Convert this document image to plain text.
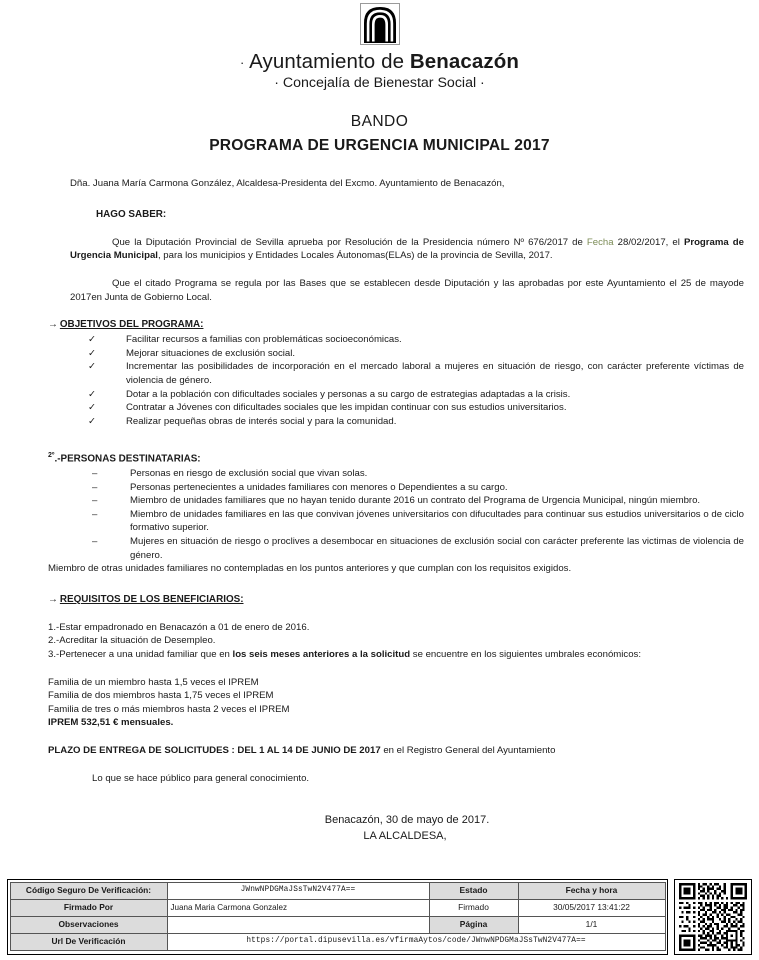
· Ayuntamiento de Benacazón
· Concejalía de Bienestar Social ·
BANDO
PROGRAMA DE URGENCIA MUNICIPAL 2017

Dña. Juana María Carmona González, Alcaldesa-Presidenta del Excmo. Ayuntamiento de Benacazón,

HAGO SABER:

Que la Diputación Provincial de Sevilla aprueba por Resolución de la Presidencia número Nº 676/2017 de Fecha 28/02/2017, el Programa de Urgencia Municipal, para los municipios y Entidades Locales Áutonomas(ELAs) de la provincia de Sevilla, 2017.

Que el citado Programa se regula por las Bases que se establecen desde Diputación y las aprobadas por este Ayuntamiento el 25 de mayode 2017en Junta de Gobierno Local.

→ OBJETIVOS DEL PROGRAMA:

✓	Facilitar recursos a familias con problemáticas socioeconómicas.
✓	Mejorar situaciones de exclusión social.
✓	Incrementar las posibilidades de incorporación en el mercado laboral a mujeres en situación de riesgo, con carácter preferente víctimas de violencia de género.
✓	Dotar a la población con dificultades sociales y personas a su cargo de estrategias adaptadas a la crisis.
✓	Contratar a Jóvenes con dificultades sociales que les impidan continuar con sus estudios universitarios.
✓	Realizar pequeñas obras de interés social y para la comunidad.

$^{2º}$.-PERSONAS DESTINATARIAS:

–	Personas en riesgo de exclusión social que vivan solas.
–	Personas pertenecientes a unidades familiares con menores o Dependientes a su cargo.
–	Miembro de unidades familiares que no hayan tenido durante 2016 un contrato del Programa de Urgencia Municipal, ningún miembro.
–	Miembro de unidades familiares en las que convivan jóvenes universitarios con difucultades para continuar sus estudios universitarios o de ciclo formativo superior.
–	Mujeres en situación de riesgo o proclives a desembocar en situaciones de exclusión social con carácter preferente las victimas de violencia de género.

Miembro de otras unidades familiares no contempladas en los puntos anteriores y que cumplan con los requisitos exigidos.

→ REQUISITOS DE LOS BENEFICIARIOS:

1.-Estar empadronado en Benacazón a 01 de enero de 2016.

2.-Acreditar la situación de Desempleo.

3.-Pertenecer a una unidad familiar que en los seis meses anteriores a la solicitud se encuentre en los siguientes umbrales económicos:

Familia de un miembro hasta 1,5 veces el IPREM

Familia de dos miembros hasta 1,75 veces el IPREM

Familia de tres o más miembros hasta 2 veces el IPREM

IPREM 532,51 € mensuales.

PLAZO DE ENTREGA DE SOLICITUDES : DEL 1 AL 14 DE JUNIO DE 2017 en el Registro General del Ayuntamiento

Lo que se hace público para general conocimiento.

Benacazón, 30 de mayo de 2017.
LA ALCALDESA,
Código Seguro De Verificación:	JWnwNPDGMaJSsTwN2V477A==	Estado	Fecha y hora
Firmado Por	Juana Maria Carmona Gonzalez	Firmado	30/05/2017 13:41:22
Observaciones		Página	1/1
Url De Verificación	https://portal.dipusevilla.es/vfirmaAytos/code/JWnwNPDGMaJSsTwN2V477A==		
